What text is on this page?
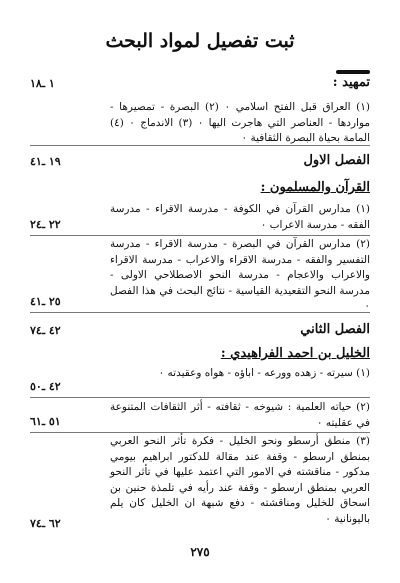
ثبت تفصيل لمواد البحث
تمهيد :
١ ـ١٨
(١) العراق قبل الفتح اسلامي ٠ (٢) البصرة - تمصيرها - مواردها - العناصر التي هاجرت اليها ٠ (٣) الاندماج ٠ (٤) المامة بحياة البصرة الثقافية ٠
الفصل الاول
١٩ ـ٤١
القرآن والمسلمون :
(١) مدارس القرآن في الكوفة - مدرسة الاقراء - مدرسة الفقه - مدرسة الاعراب ٠
٢٢ ـ٢٤
(٢) مدارس القرآن في البصرة - مدرسة الاقراء - مدرسة التفسير والفقه - مدرسة الاقراء والاعراب - مدرسة الاقراء والاعراب والاعجام - مدرسة النحو الاصطلاحي الاولى - مدرسة النحو التقعيدية القياسية - نتائج البحث في هذا الفصل ٠
٢٥ ـ٤١
الفصل الثاني
٤٢ ـ٧٤
الخليل بن احمد الفراهيدي :
(١) سيرته - زهده وورعه - اباؤه - هواه وعقيدته ٠
٤٢ ـ٥٠
(٢) حياته العلمية : شيوخه - ثقافته - أثر الثقافات المتنوعة في عقليته ٠
٥١ ـ٦١
(٣) منطق أرسطو ونحو الخليل - فكرة تأثر النحو العربي بمنطق ارسطو - وقفة عند مقالة للدكتور ابراهيم بيومي مدكور - مناقشته في الامور التي اعتمد عليها في تأثر النحو العربي بمنطق ارسطو - وقفة عند رأيه في تلمذة حنين بن اسحاق للخليل ومناقشته - دفع شبهة ان الخليل كان يلم باليونانية ٠
٦٢ ـ٧٤
٢٧٥
